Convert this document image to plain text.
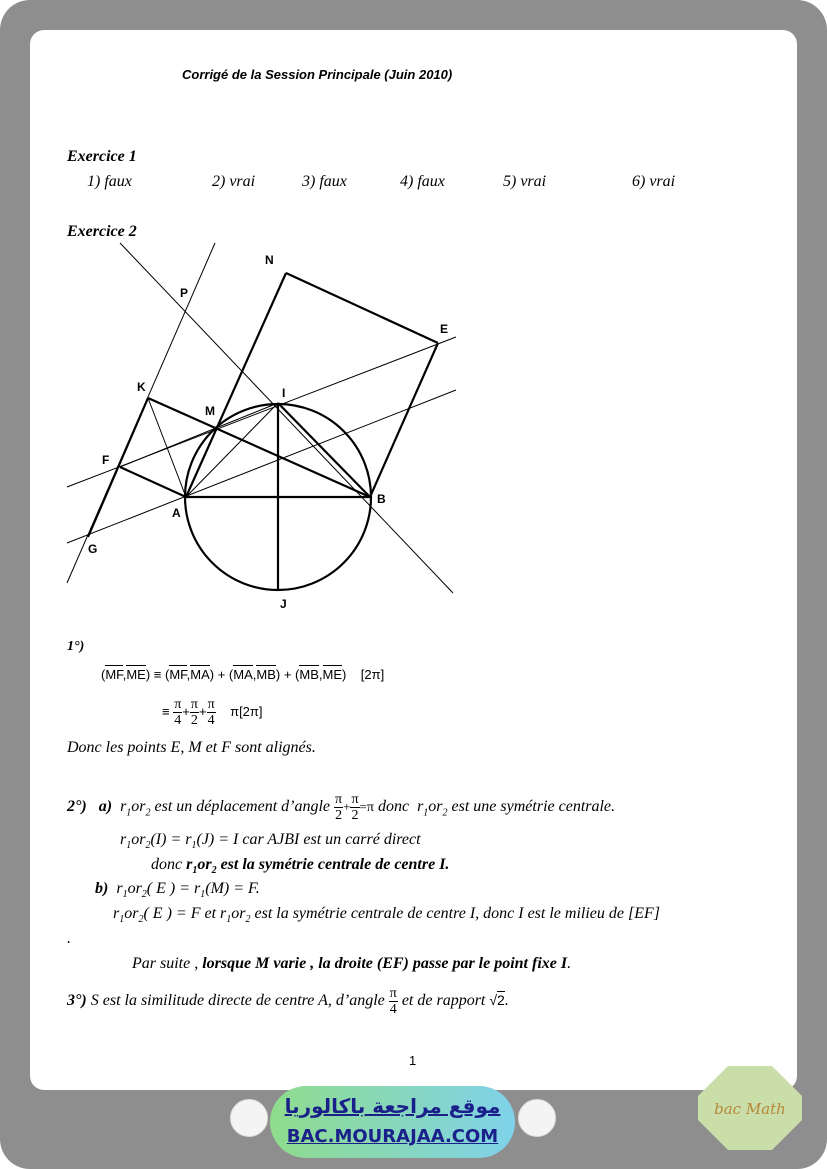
Corrigé de la Session Principale (Juin 2010)
Exercice 1
1) faux	2) vrai	3) faux	4) faux	5) vrai	6) vrai
Exercice 2
N
P
E
K
M
I
F
A
B
G
J
1°)
(MF,ME) ≡ (MF,MA) + (MA,MB) + (MB,ME)    [2π]
≡ $\frac{\pi}{4} + \frac{\pi}{2} + \frac{\pi}{4} \pi[2\pi]$
Donc les points E, M et F sont alignés.
2°) a)  $r_1or_2$ est un déplacement d’angle $\frac{\pi}{2} + \frac{\pi}{2} =\pi$ donc  $r_1or_2$ est une symétrie centrale.
$r_1or_2(I) = r_1(J) = I$ car AJBI est un carré direct
donc $r_1or_2$ est la symétrie centrale de centre I.
b)  $r_1or_2$( E ) = $r_1(M) = F$.
$r_1or_2$( E ) = F et $r_1or_2$ est la symétrie centrale de centre I, donc I est le milieu de [EF]
.
Par suite , lorsque M varie , la droite (EF) passe par le point fixe I.
3°) S est la similitude directe de centre A, d’angle $\frac{\pi}{4}$ et de rapport √2.
1
موقع مراجعة باكالوريا
BAC.MOURAJAA.COM
bac Math
